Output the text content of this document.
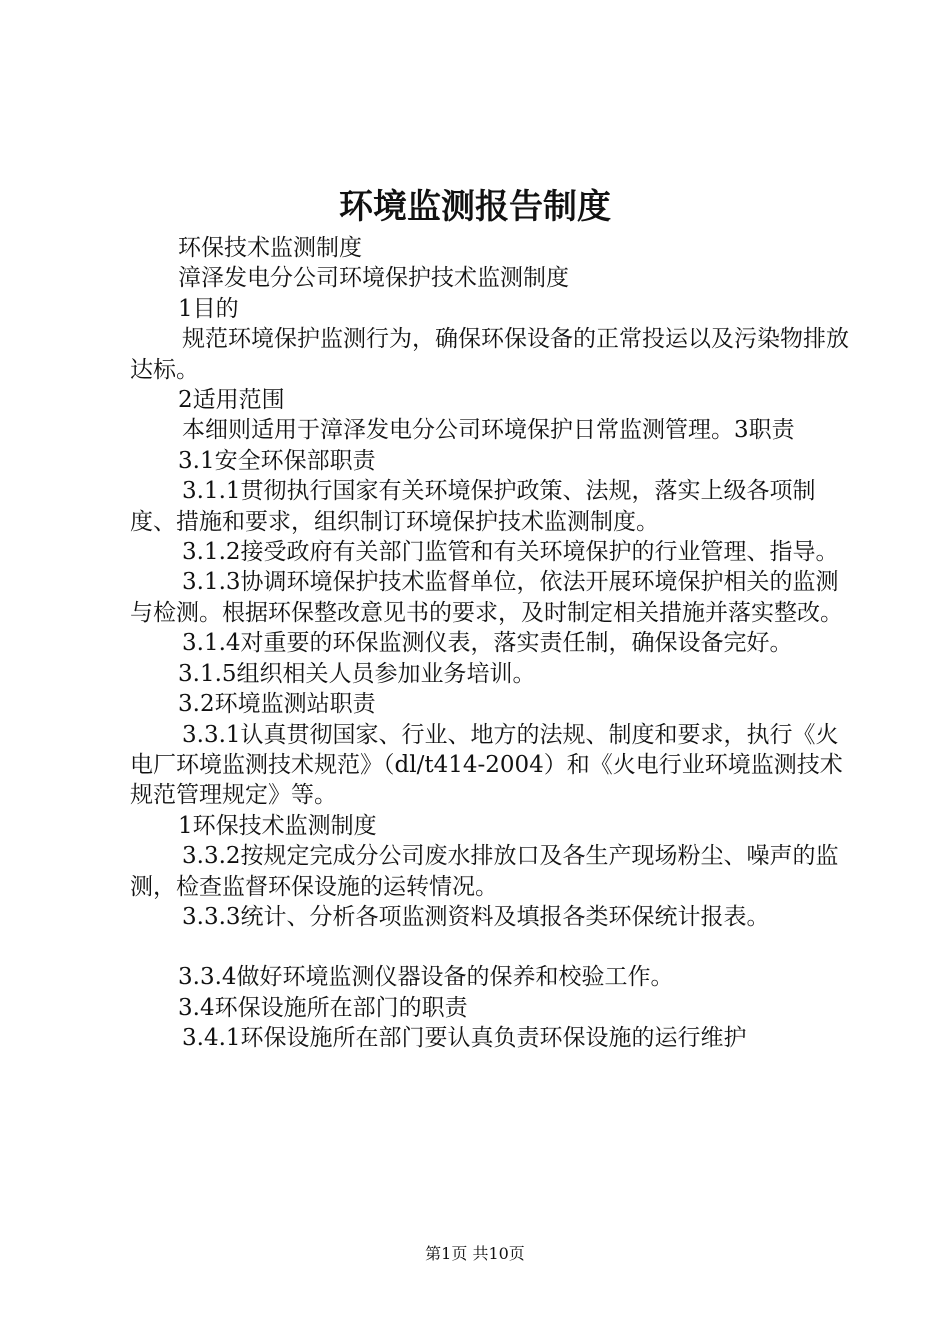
环境监测报告制度

环保技术监测制度

漳泽发电分公司环境保护技术监测制度

1目的

规范环境保护监测行为，确保环保设备的正常投运以及污染物排放达标。

2适用范围

本细则适用于漳泽发电分公司环境保护日常监测管理。3职责

3.1安全环保部职责

3.1.1贯彻执行国家有关环境保护政策、法规，落实上级各项制度、措施和要求，组织制订环境保护技术监测制度。

3.1.2接受政府有关部门监管和有关环境保护的行业管理、指导。

3.1.3协调环境保护技术监督单位，依法开展环境保护相关的监测与检测。根据环保整改意见书的要求，及时制定相关措施并落实整改。

3.1.4对重要的环保监测仪表，落实责任制，确保设备完好。

3.1.5组织相关人员参加业务培训。

3.2环境监测站职责

3.3.1认真贯彻国家、行业、地方的法规、制度和要求，执行《火电厂环境监测技术规范》（dl/t414-2004）和《火电行业环境监测技术规范管理规定》等。

1环保技术监测制度

3.3.2按规定完成分公司废水排放口及各生产现场粉尘、噪声的监测，检查监督环保设施的运转情况。

3.3.3统计、分析各项监测资料及填报各类环保统计报表。

3.3.4做好环境监测仪器设备的保养和校验工作。

3.4环保设施所在部门的职责

3.4.1环保设施所在部门要认真负责环保设施的运行维护

第1页 共10页
